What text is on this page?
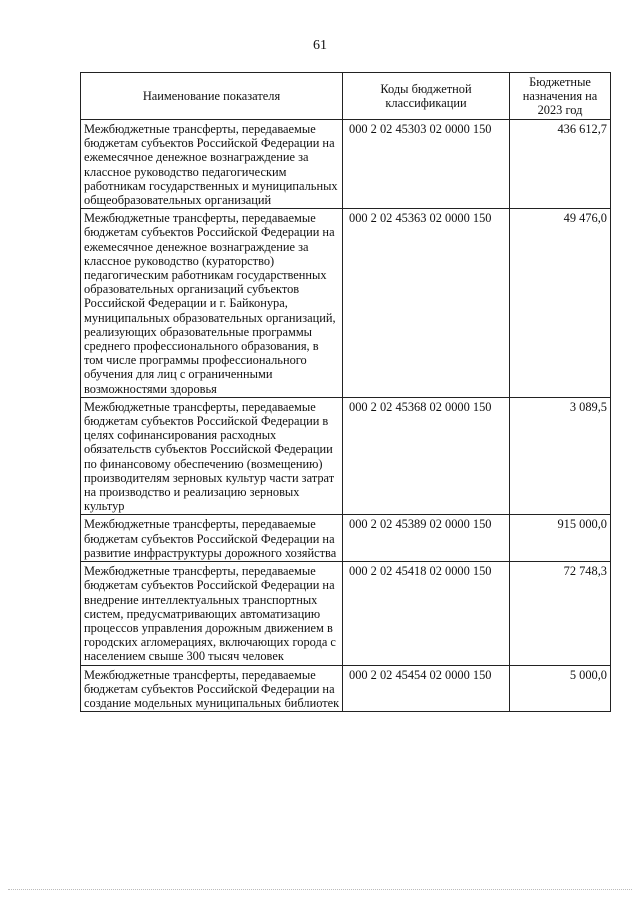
61
Наименование показателя	Коды бюджетной классификации	Бюджетные назначения на 2023 год
Межбюджетные трансферты, передаваемые бюджетам субъектов Российской Федерации на ежемесячное денежное вознаграждение за классное руководство педагогическим работникам государственных и муниципальных общеобразовательных организаций	000 2 02 45303 02 0000 150	436 612,7
Межбюджетные трансферты, передаваемые бюджетам субъектов Российской Федерации на ежемесячное денежное вознаграждение за классное руководство (кураторство) педагогическим работникам государственных образовательных организаций субъектов Российской Федерации и г. Байконура, муниципальных образовательных организаций, реализующих образовательные программы среднего профессионального образования, в том числе программы профессионального обучения для лиц с ограниченными возможностями здоровья	000 2 02 45363 02 0000 150	49 476,0
Межбюджетные трансферты, передаваемые бюджетам субъектов Российской Федерации в целях софинансирования расходных обязательств субъектов Российской Федерации по финансовому обеспечению (возмещению) производителям зерновых культур части затрат на производство и реализацию зерновых культур	000 2 02 45368 02 0000 150	3 089,5
Межбюджетные трансферты, передаваемые бюджетам субъектов Российской Федерации на развитие инфраструктуры дорожного хозяйства	000 2 02 45389 02 0000 150	915 000,0
Межбюджетные трансферты, передаваемые бюджетам субъектов Российской Федерации на внедрение интеллектуальных транспортных систем, предусматривающих автоматизацию процессов управления дорожным движением в городских агломерациях, включающих города с населением свыше 300 тысяч человек	000 2 02 45418 02 0000 150	72 748,3
Межбюджетные трансферты, передаваемые бюджетам субъектов Российской Федерации на создание модельных муниципальных библиотек	000 2 02 45454 02 0000 150	5 000,0
